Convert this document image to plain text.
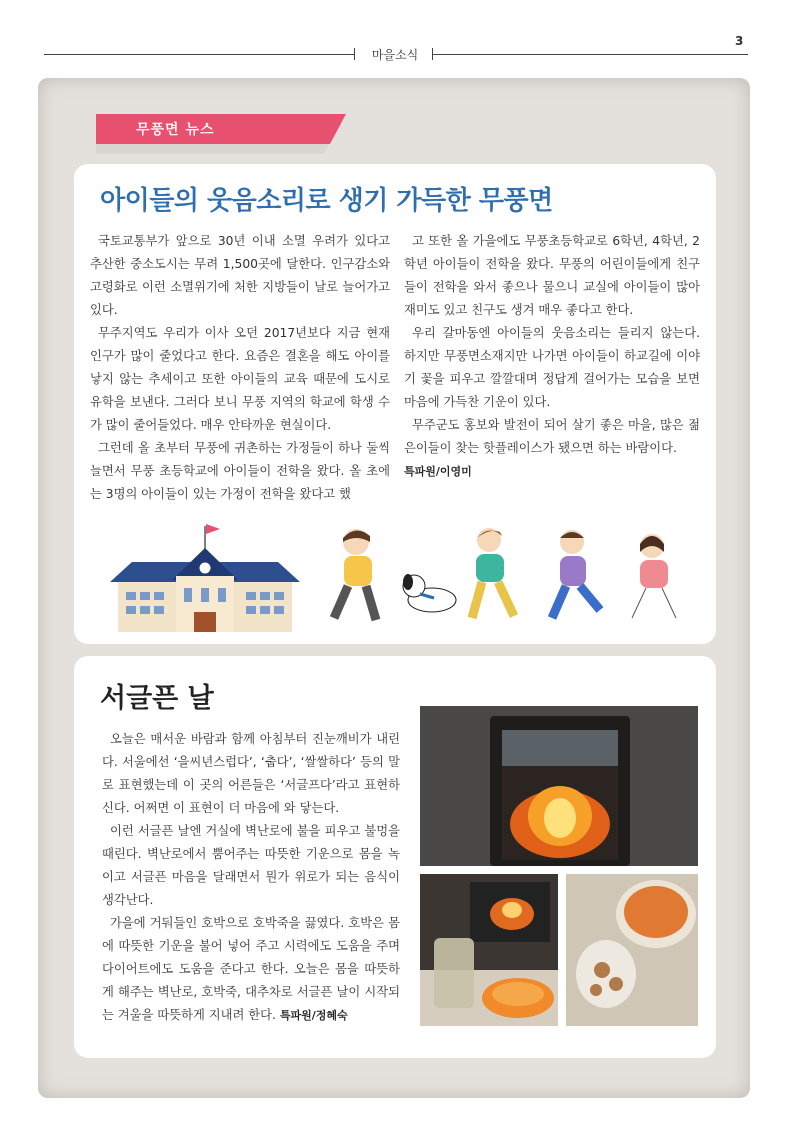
3
마을소식
무풍면 뉴스
아이들의 웃음소리로 생기 가득한 무풍면

국토교통부가 앞으로 30년 이내 소멸 우려가 있다고 추산한 중소도시는 무려 1,500곳에 달한다. 인구감소와 고령화로 이런 소멸위기에 처한 지방들이 날로 늘어가고 있다.

무주지역도 우리가 이사 오던 2017년보다 지금 현재 인구가 많이 줄었다고 한다. 요즘은 결혼을 해도 아이를 낳지 않는 추세이고 또한 아이들의 교육 때문에 도시로 유학을 보낸다. 그러다 보니 무풍 지역의 학교에 학생 수가 많이 줄어들었다. 매우 안타까운 현실이다.

그런데 올 초부터 무풍에 귀촌하는 가정들이 하나 둘씩 늘면서 무풍 초등학교에 아이들이 전학을 왔다. 올 초에는 3명의 아이들이 있는 가정이 전학을 왔다고 했

고 또한 올 가을에도 무풍초등학교로 6학년, 4학년, 2학년 아이들이 전학을 왔다. 무풍의 어린이들에게 친구들이 전학을 와서 좋으나 물으니 교실에 아이들이 많아 재미도 있고 친구도 생겨 매우 좋다고 한다.

우리 갈마동엔 아이들의 웃음소리는 들리지 않는다. 하지만 무풍면소재지만 나가면 아이들이 하교길에 이야기 꽃을 피우고 깔깔대며 정답게 걸어가는 모습을 보면 마음에 가득찬 기운이 있다.

무주군도 홍보와 발전이 되어 살기 좋은 마을, 많은 젊은이들이 찾는 핫플레이스가 됐으면 하는 바람이다.

특파원/이영미
서글픈 날

오늘은 매서운 바람과 함께 아침부터 진눈깨비가 내린다. 서울에선 ‘을씨년스럽다’, ‘춥다’, ‘쌀쌀하다’ 등의 말로 표현했는데 이 곳의 어른들은 ‘서글프다’라고 표현하신다. 어쩌면 이 표현이 더 마음에 와 닿는다.

이런 서글픈 날엔 거실에 벽난로에 불을 피우고 불멍을 때린다. 벽난로에서 뿜어주는 따뜻한 기운으로 몸을 녹이고 서글픈 마음을 달래면서 뭔가 위로가 되는 음식이 생각난다.

가을에 거둬들인 호박으로 호박죽을 끓였다. 호박은 몸에 따뜻한 기운을 불어 넣어 주고 시력에도 도움을 주며 다이어트에도 도움을 준다고 한다. 오늘은 몸을 따뜻하게 해주는 벽난로, 호박죽, 대추차로 서글픈 날이 시작되는 겨울을 따뜻하게 지내려 한다. 특파원/정혜숙
